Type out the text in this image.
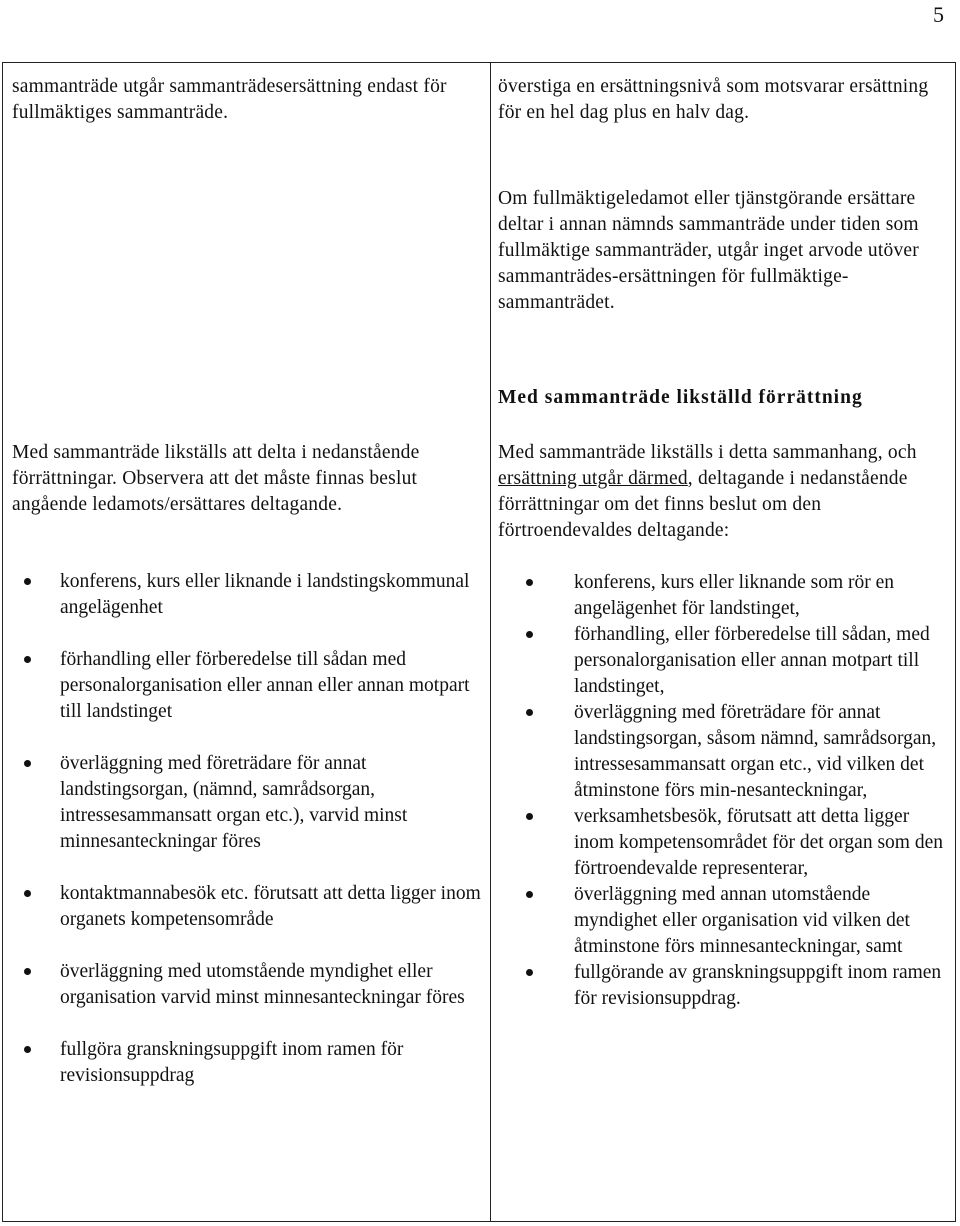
5

sammanträde utgår sammanträdesersättning endast för fullmäktiges sammanträde.

Med sammanträde likställs att delta i nedanstående förrättningar. Observera att det måste finnas beslut angående ledamots/ersättares deltagande.

konferens, kurs eller liknande i landstingskommunal angelägenhet
förhandling eller förberedelse till sådan med personalorganisation eller annan eller annan motpart till landstinget
överläggning med företrädare för annat landstingsorgan, (nämnd, samrådsorgan, intressesammansatt organ etc.), varvid minst minnesanteckningar föres
kontaktmannabesök etc. förutsatt att detta ligger inom organets kompetensområde
överläggning med utomstående myndighet eller organisation varvid minst minnesanteckningar föres
fullgöra granskningsuppgift inom ramen för revisionsuppdrag

överstiga en ersättningsnivå som motsvarar ersättning för en hel dag plus en halv dag.

Om fullmäktigeledamot eller tjänstgörande ersättare deltar i annan nämnds sammanträde under tiden som fullmäktige sammanträder, utgår inget arvode utöver sammanträdes-ersättningen för fullmäktige-sammanträdet.

Med sammanträde likställd förrättning

Med sammanträde likställs i detta sammanhang, och ersättning utgår därmed, deltagande i nedanstående förrättningar om det finns beslut om den förtroendevaldes deltagande:

konferens, kurs eller liknande som rör en angelägenhet för landstinget,
förhandling, eller förberedelse till sådan, med personalorganisation eller annan motpart till landstinget,
överläggning med företrädare för annat landstingsorgan, såsom nämnd, samrådsorgan, intressesammansatt organ etc., vid vilken det åtminstone förs min-nesanteckningar,
verksamhetsbesök, förutsatt att detta ligger inom kompetensområdet för det organ som den förtroendevalde representerar,
överläggning med annan utomstående myndighet eller organisation vid vilken det åtminstone förs minnesanteckningar, samt
fullgörande av granskningsuppgift inom ramen för revisionsuppdrag.
